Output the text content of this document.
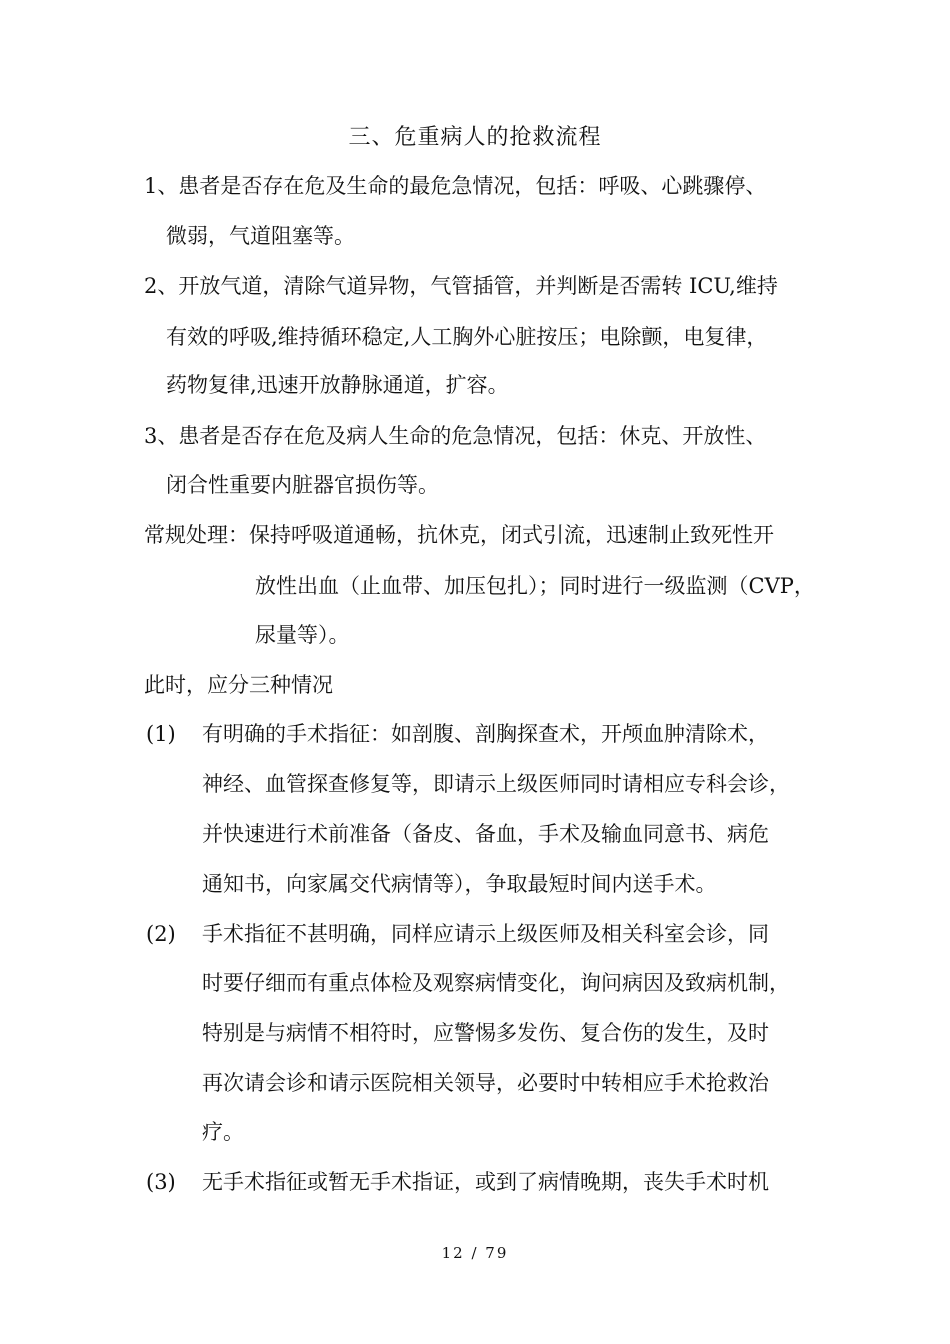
三、危重病人的抢救流程
1、患者是否存在危及生命的最危急情况，包括：呼吸、心跳骤停、
微弱，气道阻塞等。
2、开放气道，清除气道异物，气管插管，并判断是否需转 ICU,维持
有效的呼吸,维持循环稳定,人工胸外心脏按压；电除颤，电复律，
药物复律,迅速开放静脉通道，扩容。
3、患者是否存在危及病人生命的危急情况，包括：休克、开放性、
闭合性重要内脏器官损伤等。
常规处理：保持呼吸道通畅，抗休克，闭式引流，迅速制止致死性开
放性出血（止血带、加压包扎）；同时进行一级监测（CVP，
尿量等）。
此时，应分三种情况
(1) 有明确的手术指征：如剖腹、剖胸探查术，开颅血肿清除术，
神经、血管探查修复等，即请示上级医师同时请相应专科会诊，
并快速进行术前准备（备皮、备血，手术及输血同意书、病危
通知书，向家属交代病情等），争取最短时间内送手术。
(2) 手术指征不甚明确，同样应请示上级医师及相关科室会诊，同
时要仔细而有重点体检及观察病情变化，询问病因及致病机制，
特别是与病情不相符时，应警惕多发伤、复合伤的发生，及时
再次请会诊和请示医院相关领导，必要时中转相应手术抢救治
疗。
(3) 无手术指征或暂无手术指证，或到了病情晚期，丧失手术时机
12 / 79
